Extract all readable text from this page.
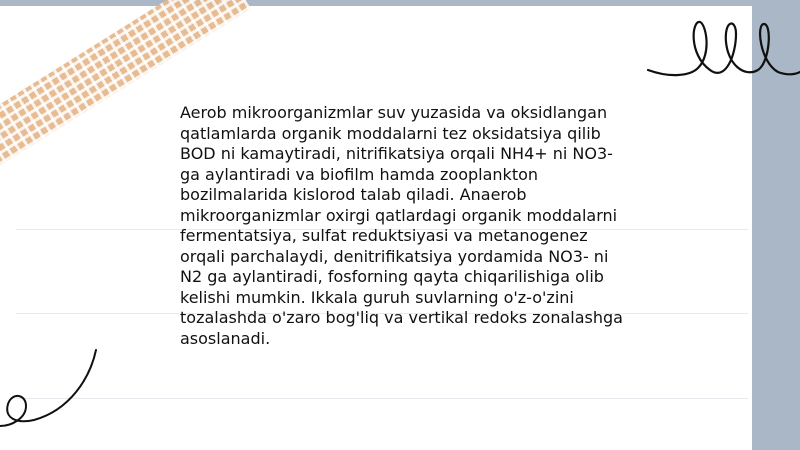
Aerob mikroorganizmlar suv yuzasida va oksidlangan qatlamlarda organik moddalarni tez oksidatsiya qilib BOD ni kamaytiradi, nitrifikatsiya orqali NH4+ ni NO3- ga aylantiradi va biofilm hamda zooplankton bozilmalarida kislorod talab qiladi. Anaerob mikroorganizmlar oxirgi qatlardagi organik moddalarni fermentatsiya, sulfat reduktsiyasi va metanogenez orqali parchalaydi, denitrifikatsiya yordamida NO3- ni N2 ga aylantiradi, fosforning qayta chiqarilishiga olib kelishi mumkin. Ikkala guruh suvlarning o'z-o'zini tozalashda o'zaro bog'liq va vertikal redoks zonalashga asoslanadi.
